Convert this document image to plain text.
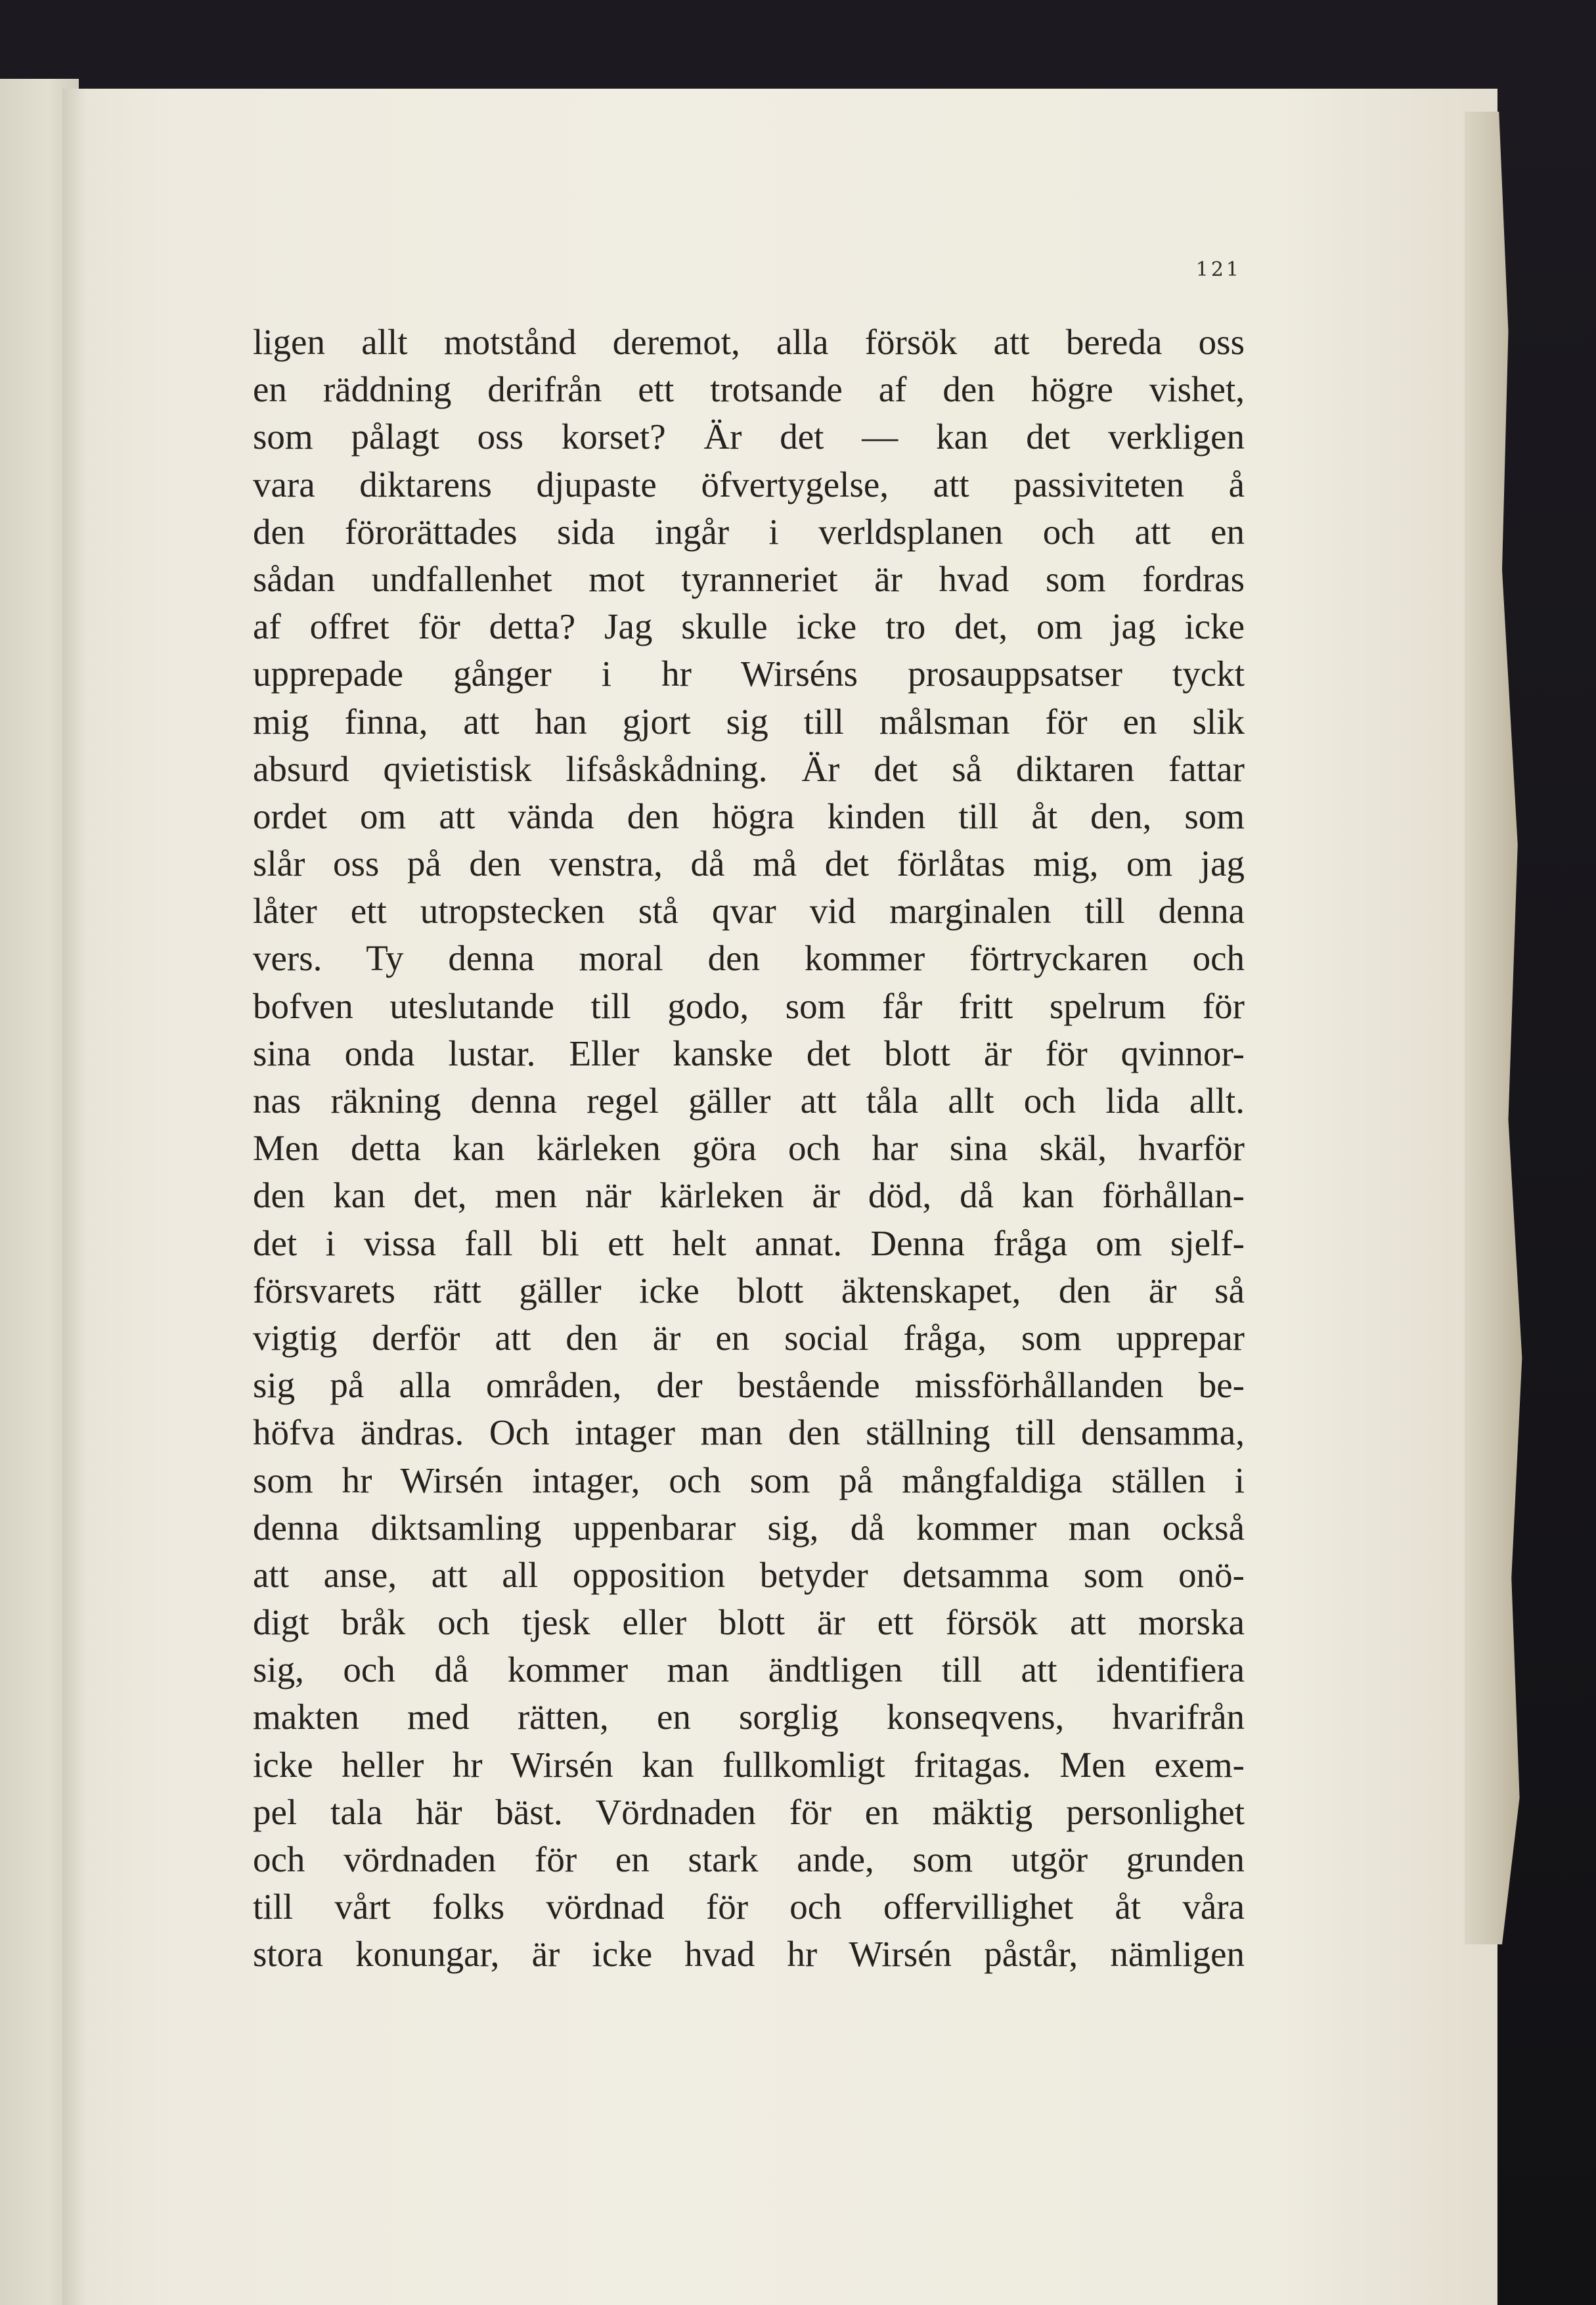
121
ligen allt motstånd deremot, alla försök att bereda oss
en räddning derifrån ett trotsande af den högre vishet,
som pålagt oss korset? Är det — kan det verkligen
vara diktarens djupaste öfvertygelse, att passiviteten å
den förorättades sida ingår i verldsplanen och att en
sådan undfallenhet mot tyranneriet är hvad som fordras
af offret för detta? Jag skulle icke tro det, om jag icke
upprepade gånger i hr Wirséns prosauppsatser tyckt
mig finna, att han gjort sig till målsman för en slik
absurd qvietistisk lifsåskådning. Är det så diktaren fattar
ordet om att vända den högra kinden till åt den, som
slår oss på den venstra, då må det förlåtas mig, om jag
låter ett utropstecken stå qvar vid marginalen till denna
vers. Ty denna moral den kommer förtryckaren och
bofven uteslutande till godo, som får fritt spelrum för
sina onda lustar. Eller kanske det blott är för qvinnor-
nas räkning denna regel gäller att tåla allt och lida allt.
Men detta kan kärleken göra och har sina skäl, hvarför
den kan det, men när kärleken är död, då kan förhållan-
det i vissa fall bli ett helt annat. Denna fråga om sjelf-
försvarets rätt gäller icke blott äktenskapet, den är så
vigtig derför att den är en social fråga, som upprepar
sig på alla områden, der bestående missförhållanden be-
höfva ändras. Och intager man den ställning till densamma,
som hr Wirsén intager, och som på mångfaldiga ställen i
denna diktsamling uppenbarar sig, då kommer man också
att anse, att all opposition betyder detsamma som onö-
digt bråk och tjesk eller blott är ett försök att morska
sig, och då kommer man ändtligen till att identifiera
makten med rätten, en sorglig konseqvens, hvarifrån
icke heller hr Wirsén kan fullkomligt fritagas. Men exem-
pel tala här bäst. Vördnaden för en mäktig personlighet
och vördnaden för en stark ande, som utgör grunden
till vårt folks vördnad för och offervillighet åt våra
stora konungar, är icke hvad hr Wirsén påstår, nämligen
